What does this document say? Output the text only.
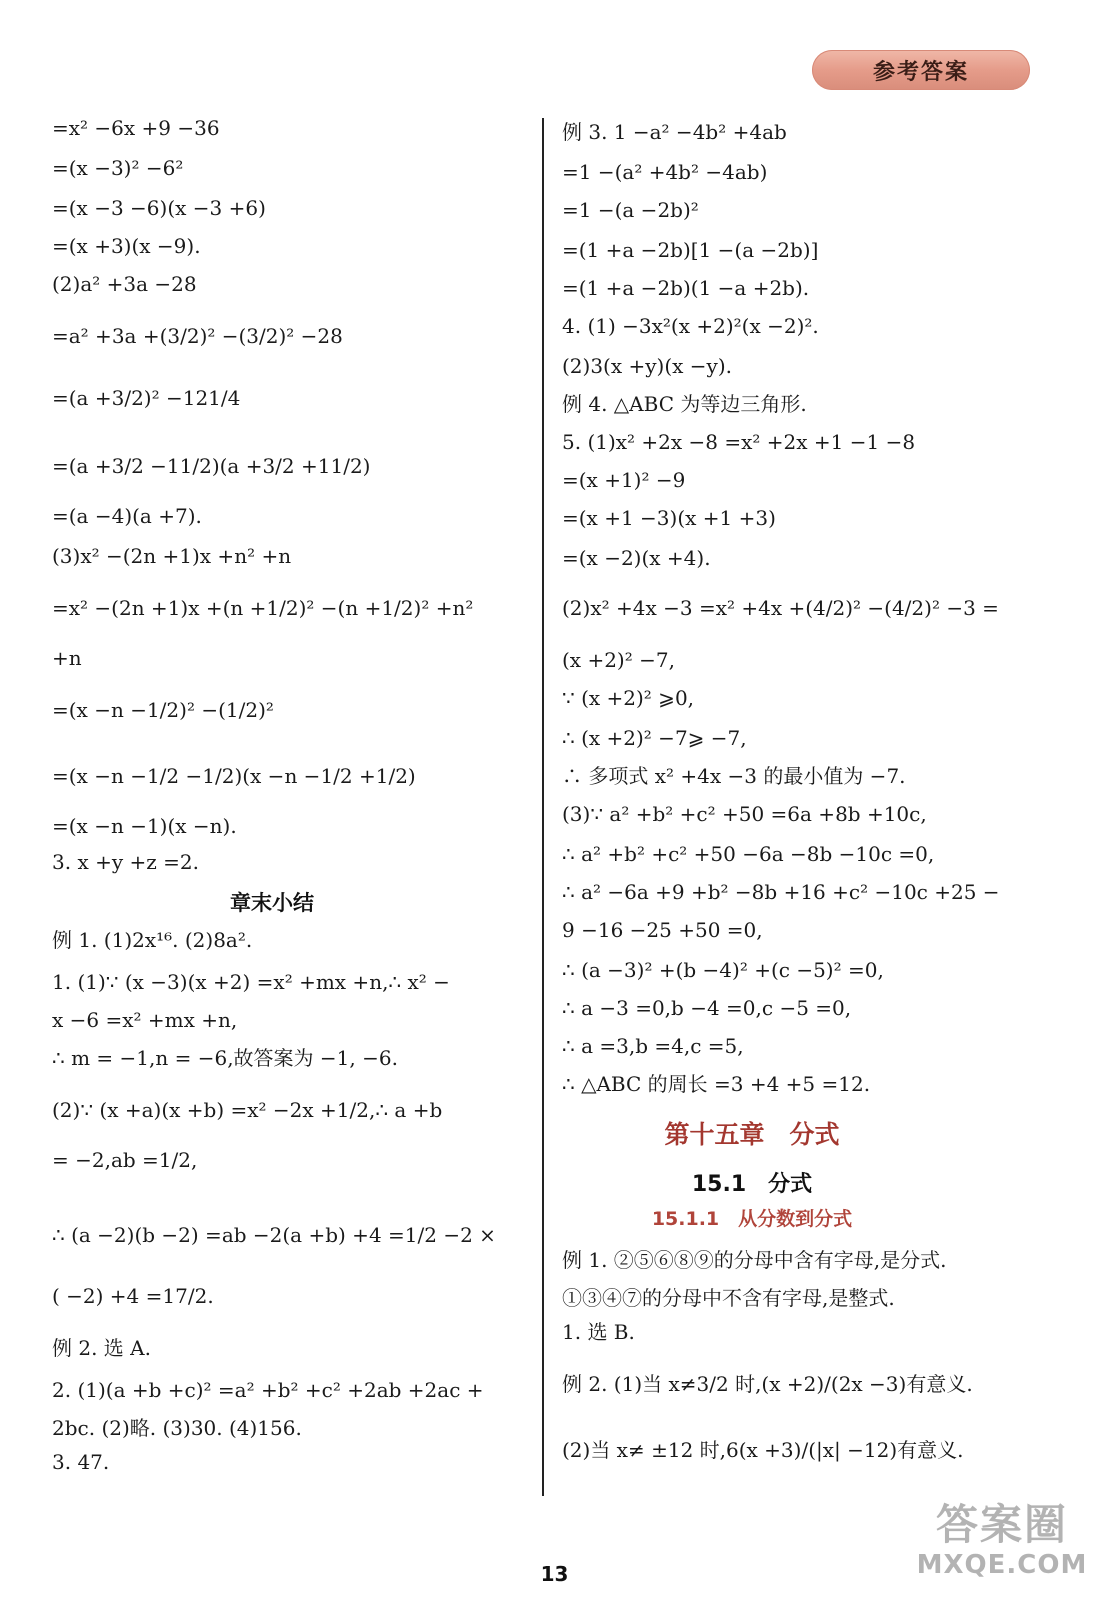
参考答案
=x² −6x +9 −36
=(x −3)² −6²
=(x −3 −6)(x −3 +6)
=(x +3)(x −9).
(2)a² +3a −28
=a² +3a +(3/2)² −(3/2)² −28
=(a +3/2)² −121/4
=(a +3/2 −11/2)(a +3/2 +11/2)
=(a −4)(a +7).
(3)x² −(2n +1)x +n² +n
=x² −(2n +1)x +(n +1/2)² −(n +1/2)² +n²
+n
=(x −n −1/2)² −(1/2)²
=(x −n −1/2 −1/2)(x −n −1/2 +1/2)
=(x −n −1)(x −n).
3. x +y +z =2.
章末小结
例 1. (1)2x¹⁶. (2)8a².
1. (1)∵ (x −3)(x +2) =x² +mx +n,∴ x² −
x −6 =x² +mx +n,
∴ m = −1,n = −6,故答案为 −1, −6.
(2)∵ (x +a)(x +b) =x² −2x +1/2,∴ a +b
= −2,ab =1/2,
∴ (a −2)(b −2) =ab −2(a +b) +4 =1/2 −2 ×
( −2) +4 =17/2.
例 2. 选 A.
2. (1)(a +b +c)² =a² +b² +c² +2ab +2ac +
2bc. (2)略. (3)30. (4)156.
3. 47.
例 3. 1 −a² −4b² +4ab
=1 −(a² +4b² −4ab)
=1 −(a −2b)²
=(1 +a −2b)[1 −(a −2b)]
=(1 +a −2b)(1 −a +2b).
4. (1) −3x²(x +2)²(x −2)².
(2)3(x +y)(x −y).
例 4. △ABC 为等边三角形.
5. (1)x² +2x −8 =x² +2x +1 −1 −8
=(x +1)² −9
=(x +1 −3)(x +1 +3)
=(x −2)(x +4).
(2)x² +4x −3 =x² +4x +(4/2)² −(4/2)² −3 =
(x +2)² −7,
∵ (x +2)² ⩾0,
∴ (x +2)² −7⩾ −7,
∴ 多项式 x² +4x −3 的最小值为 −7.
(3)∵ a² +b² +c² +50 =6a +8b +10c,
∴ a² +b² +c² +50 −6a −8b −10c =0,
∴ a² −6a +9 +b² −8b +16 +c² −10c +25 −
9 −16 −25 +50 =0,
∴ (a −3)² +(b −4)² +(c −5)² =0,
∴ a −3 =0,b −4 =0,c −5 =0,
∴ a =3,b =4,c =5,
∴ △ABC 的周长 =3 +4 +5 =12.
第十五章　分式
15.1　分式
15.1.1　从分数到分式
例 1. ②⑤⑥⑧⑨的分母中含有字母,是分式.
①③④⑦的分母中不含有字母,是整式.
1. 选 B.
例 2. (1)当 x≠3/2 时,(x +2)/(2x −3)有意义.
(2)当 x≠ ±12 时,6(x +3)/(|x| −12)有意义.
13
答案圈
MXQE.COM
